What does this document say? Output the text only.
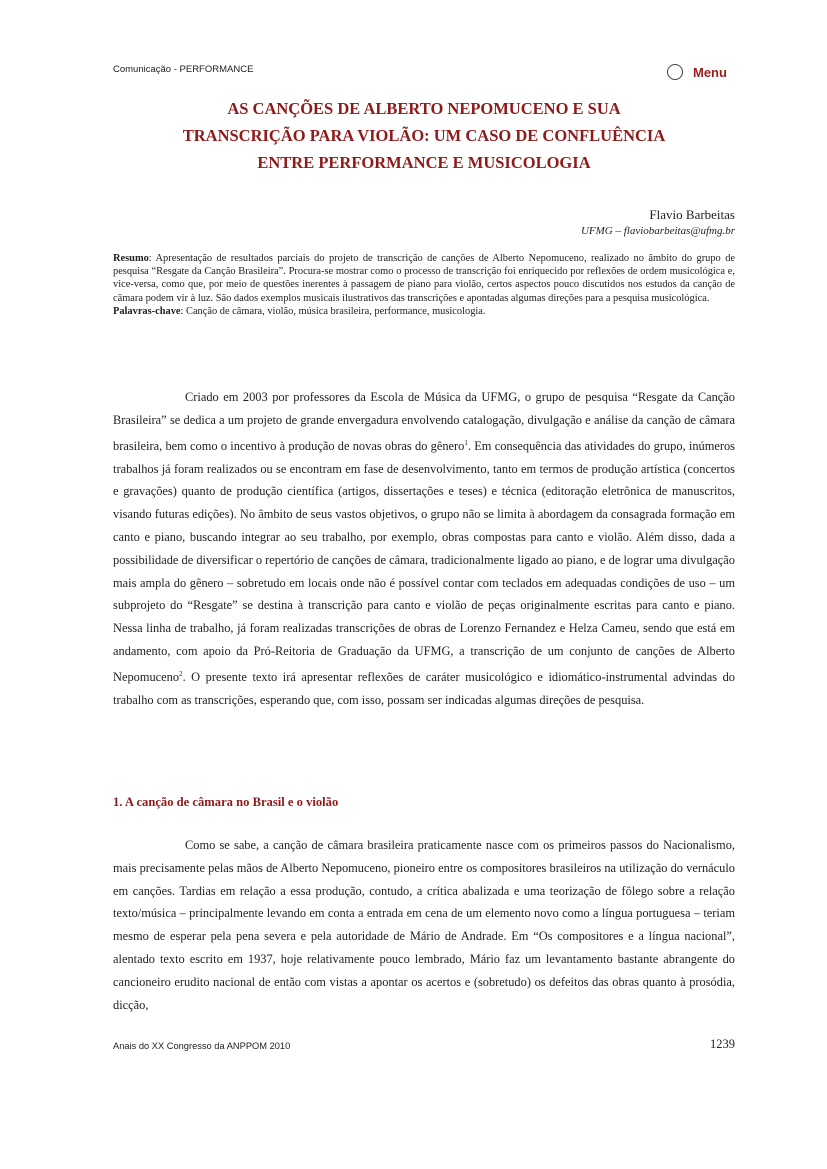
Comunicação - PERFORMANCE	Menu
AS CANÇÕES DE ALBERTO NEPOMUCENO E SUA
TRANSCRIÇÃO PARA VIOLÃO: UM CASO DE CONFLUÊNCIA
ENTRE PERFORMANCE E MUSICOLOGIA
Flavio Barbeitas
UFMG – flaviobarbeitas@ufmg.br
Resumo: Apresentação de resultados parciais do projeto de transcrição de canções de Alberto Nepomuceno, realizado no âmbito do grupo de pesquisa “Resgate da Canção Brasileira”. Procura-se mostrar como o processo de transcrição foi enriquecido por reflexões de ordem musicológica e, vice-versa, como que, por meio de questões inerentes à passagem de piano para violão, certos aspectos pouco discutidos nos estudos da canção de câmara podem vir à luz. São dados exemplos musicais ilustrativos das transcrições e apontadas algumas direções para a pesquisa musicológica.
Palavras-chave: Canção de câmara, violão, música brasileira, performance, musicologia.

Criado em 2003 por professores da Escola de Música da UFMG, o grupo de pesquisa “Resgate da Canção Brasileira” se dedica a um projeto de grande envergadura envolvendo catalogação, divulgação e análise da canção de câmara brasileira, bem como o incentivo à produção de novas obras do gênero$^1$. Em consequência das atividades do grupo, inúmeros trabalhos já foram realizados ou se encontram em fase de desenvolvimento, tanto em termos de produção artística (concertos e gravações) quanto de produção científica (artigos, dissertações e teses) e técnica (editoração eletrônica de manuscritos, visando futuras edições). No âmbito de seus vastos objetivos, o grupo não se limita à abordagem da consagrada formação em canto e piano, buscando integrar ao seu trabalho, por exemplo, obras compostas para canto e violão. Além disso, dada a possibilidade de diversificar o repertório de canções de câmara, tradicionalmente ligado ao piano, e de lograr uma divulgação mais ampla do gênero – sobretudo em locais onde não é possível contar com teclados em adequadas condições de uso – um subprojeto do “Resgate” se destina à transcrição para canto e violão de peças originalmente escritas para canto e piano. Nessa linha de trabalho, já foram realizadas transcrições de obras de Lorenzo Fernandez e Helza Cameu, sendo que está em andamento, com apoio da Pró-Reitoria de Graduação da UFMG, a transcrição de um conjunto de canções de Alberto Nepomuceno$^2$. O presente texto irá apresentar reflexões de caráter musicológico e idiomático-instrumental advindas do trabalho com as transcrições, esperando que, com isso, possam ser indicadas algumas direções de pesquisa.

1. A canção de câmara no Brasil e o violão

Como se sabe, a canção de câmara brasileira praticamente nasce com os primeiros passos do Nacionalismo, mais precisamente pelas mãos de Alberto Nepomuceno, pioneiro entre os compositores brasileiros na utilização do vernáculo em canções. Tardias em relação a essa produção, contudo, a crítica abalizada e uma teorização de fôlego sobre a relação texto/música – principalmente levando em conta a entrada em cena de um elemento novo como a língua portuguesa – teriam mesmo de esperar pela pena severa e pela autoridade de Mário de Andrade. Em “Os compositores e a língua nacional”, alentado texto escrito em 1937, hoje relativamente pouco lembrado, Mário faz um levantamento bastante abrangente do cancioneiro erudito nacional de então com vistas a apontar os acertos e (sobretudo) os defeitos das obras quanto à prosódia, dicção,

Anais do XX Congresso da ANPPOM 2010	1239
